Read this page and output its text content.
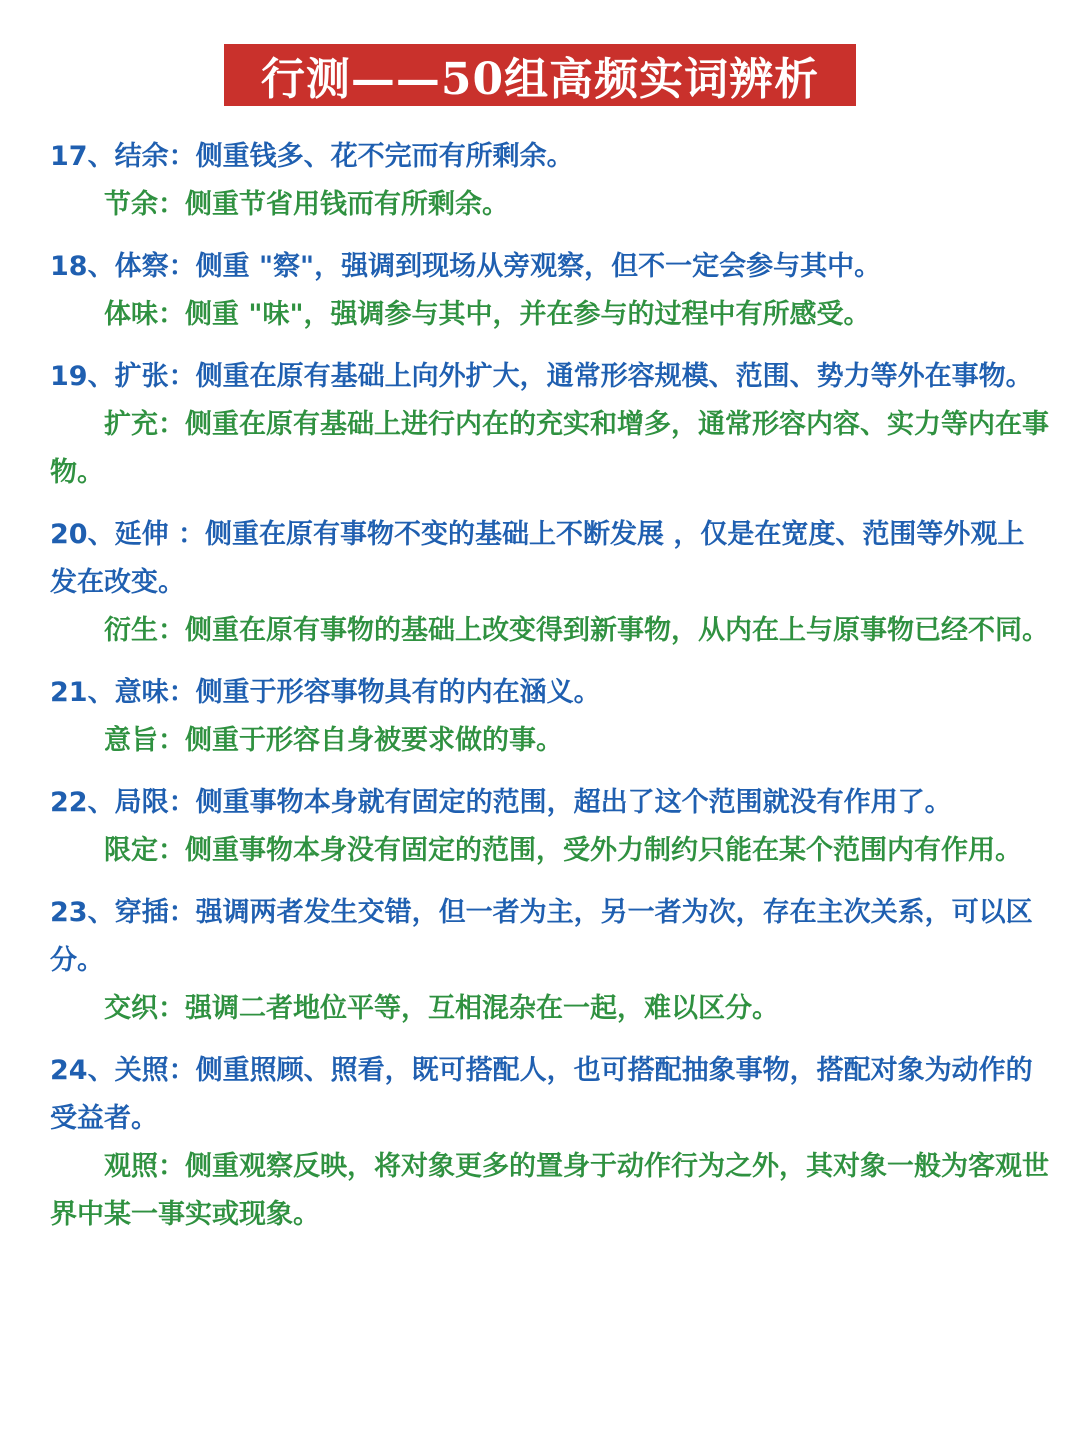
行测——50组高频实词辨析

17、结余：侧重钱多、花不完而有所剩余。

节余：侧重节省用钱而有所剩余。

18、体察：侧重 "察"，强调到现场从旁观察，但不一定会参与其中。

体味：侧重 "味"，强调参与其中，并在参与的过程中有所感受。

19、扩张：侧重在原有基础上向外扩大，通常形容规模、范围、势力等外在事物。

扩充：侧重在原有基础上进行内在的充实和增多，通常形容内容、实力等内在事物。

20、延伸 ：侧重在原有事物不变的基础上不断发展 ，仅是在宽度、范围等外观上发在改变。

衍生：侧重在原有事物的基础上改变得到新事物，从内在上与原事物已经不同。

21、意味：侧重于形容事物具有的内在涵义。

意旨：侧重于形容自身被要求做的事。

22、局限：侧重事物本身就有固定的范围，超出了这个范围就没有作用了。

限定：侧重事物本身没有固定的范围，受外力制约只能在某个范围内有作用。

23、穿插：强调两者发生交错，但一者为主，另一者为次，存在主次关系，可以区分。

交织：强调二者地位平等，互相混杂在一起，难以区分。

24、关照：侧重照顾、照看，既可搭配人，也可搭配抽象事物，搭配对象为动作的受益者。

观照：侧重观察反映，将对象更多的置身于动作行为之外，其对象一般为客观世界中某一事实或现象。
